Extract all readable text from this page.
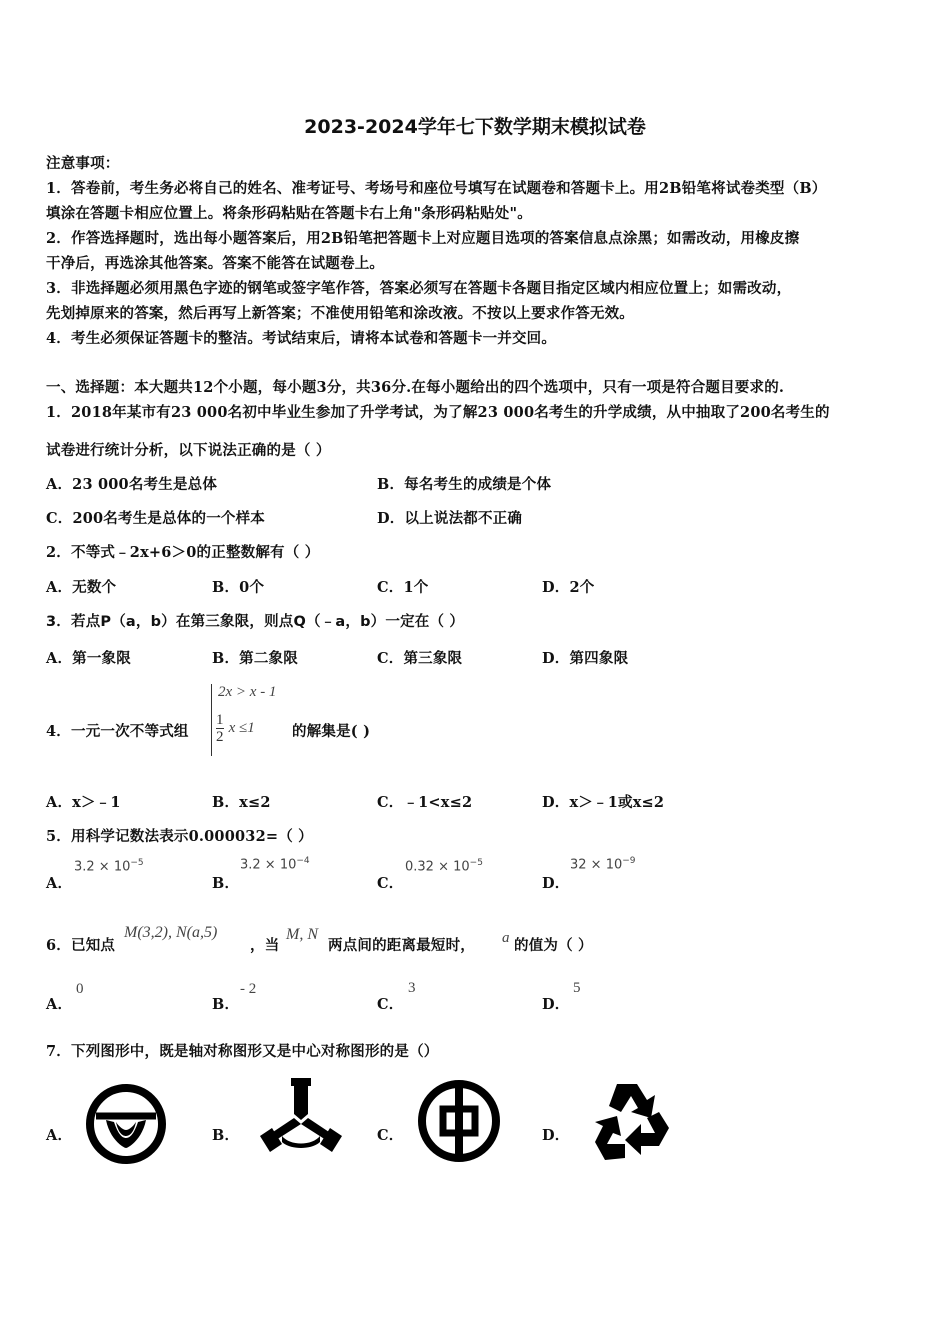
2023-2024学年七下数学期末模拟试卷
注意事项：
1．答卷前，考生务必将自己的姓名、准考证号、考场号和座位号填写在试题卷和答题卡上。用2B铅笔将试卷类型（B）
填涂在答题卡相应位置上。将条形码粘贴在答题卡右上角"条形码粘贴处"。
2．作答选择题时，选出每小题答案后，用2B铅笔把答题卡上对应题目选项的答案信息点涂黑；如需改动，用橡皮擦
干净后，再选涂其他答案。答案不能答在试题卷上。
3．非选择题必须用黑色字迹的钢笔或签字笔作答，答案必须写在答题卡各题目指定区域内相应位置上；如需改动，
先划掉原来的答案，然后再写上新答案；不准使用铅笔和涂改液。不按以上要求作答无效。
4．考生必须保证答题卡的整洁。考试结束后，请将本试卷和答题卡一并交回。
一、选择题：本大题共12个小题，每小题3分，共36分.在每小题给出的四个选项中，只有一项是符合题目要求的.
1．2018年某市有23 000名初中毕业生参加了升学考试，为了解23 000名考生的升学成绩，从中抽取了200名考生的
试卷进行统计分析，以下说法正确的是（ ）
A．23 000名考生是总体	B．每名考生的成绩是个体
C．200名考生是总体的一个样本	D．以上说法都不正确
2．不等式﹣2x+6＞0的正整数解有（ ）
A．无数个	B．0个	C．1个	D．2个
3．若点P（a，b）在第三象限，则点Q（﹣a，b）一定在（ ）
A．第一象限	B．第二象限	C．第三象限	D．第四象限
4．一元一次不等式组
2x > x - 1
$\frac{1}{2}$ x ≤1	的解集是( )
A．x＞﹣1	B．x≤2	C．﹣1<x≤2	D．x＞﹣1或x≤2
5．用科学记数法表示0.000032=（ ）
A．
$3.2 \times 10^{-5}$
B．
$3.2 \times 10^{-4}$
C．
$0.32 \times 10^{-5}$
D．
$32 \times 10^{-9}$
6．已知点
M(3,2), N(a,5)
，当
M, N
两点间的距离最短时， a 的值为（ ）
A．
0
B．
- 2
C．
3
D．
5
7．下列图形中，既是轴对称图形又是中心对称图形的是（）
A．	B．	C．	D．
